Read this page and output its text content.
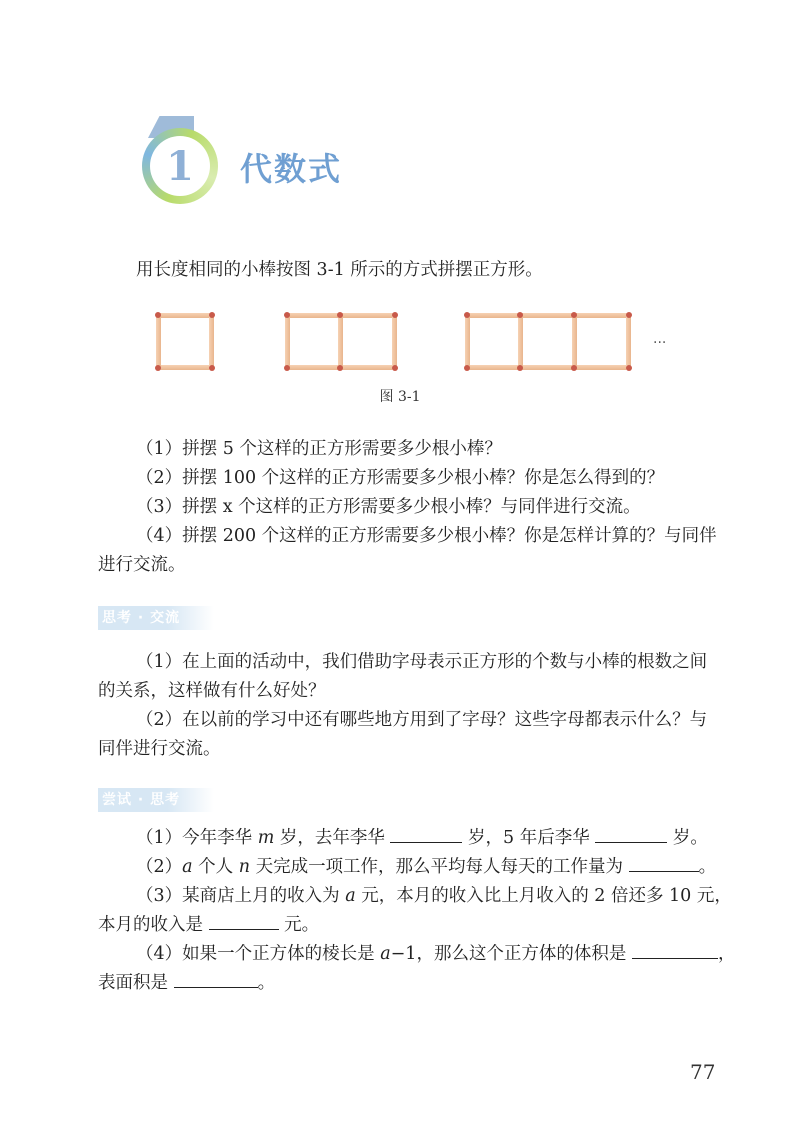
1	代数式

用长度相同的小棒按图 3-1 所示的方式拼摆正方形。

···
图 3-1

（1）拼摆 5 个这样的正方形需要多少根小棒？

（2）拼摆 100 个这样的正方形需要多少根小棒？你是怎么得到的？

（3）拼摆 x 个这样的正方形需要多少根小棒？与同伴进行交流。

（4）拼摆 200 个这样的正方形需要多少根小棒？你是怎样计算的？与同伴

进行交流。

思考 · 交流

（1）在上面的活动中，我们借助字母表示正方形的个数与小棒的根数之间

的关系，这样做有什么好处？

（2）在以前的学习中还有哪些地方用到了字母？这些字母都表示什么？与

同伴进行交流。

尝试 · 思考

（1）今年李华 m 岁，去年李华	岁，5 年后李华	岁。

（2）a 个人 n 天完成一项工作，那么平均每人每天的工作量为	。

（3）某商店上月的收入为 a 元，本月的收入比上月收入的 2 倍还多 10 元，

本月的收入是	元。

（4）如果一个正方体的棱长是 a−1，那么这个正方体的体积是	，

表面积是	。

77
